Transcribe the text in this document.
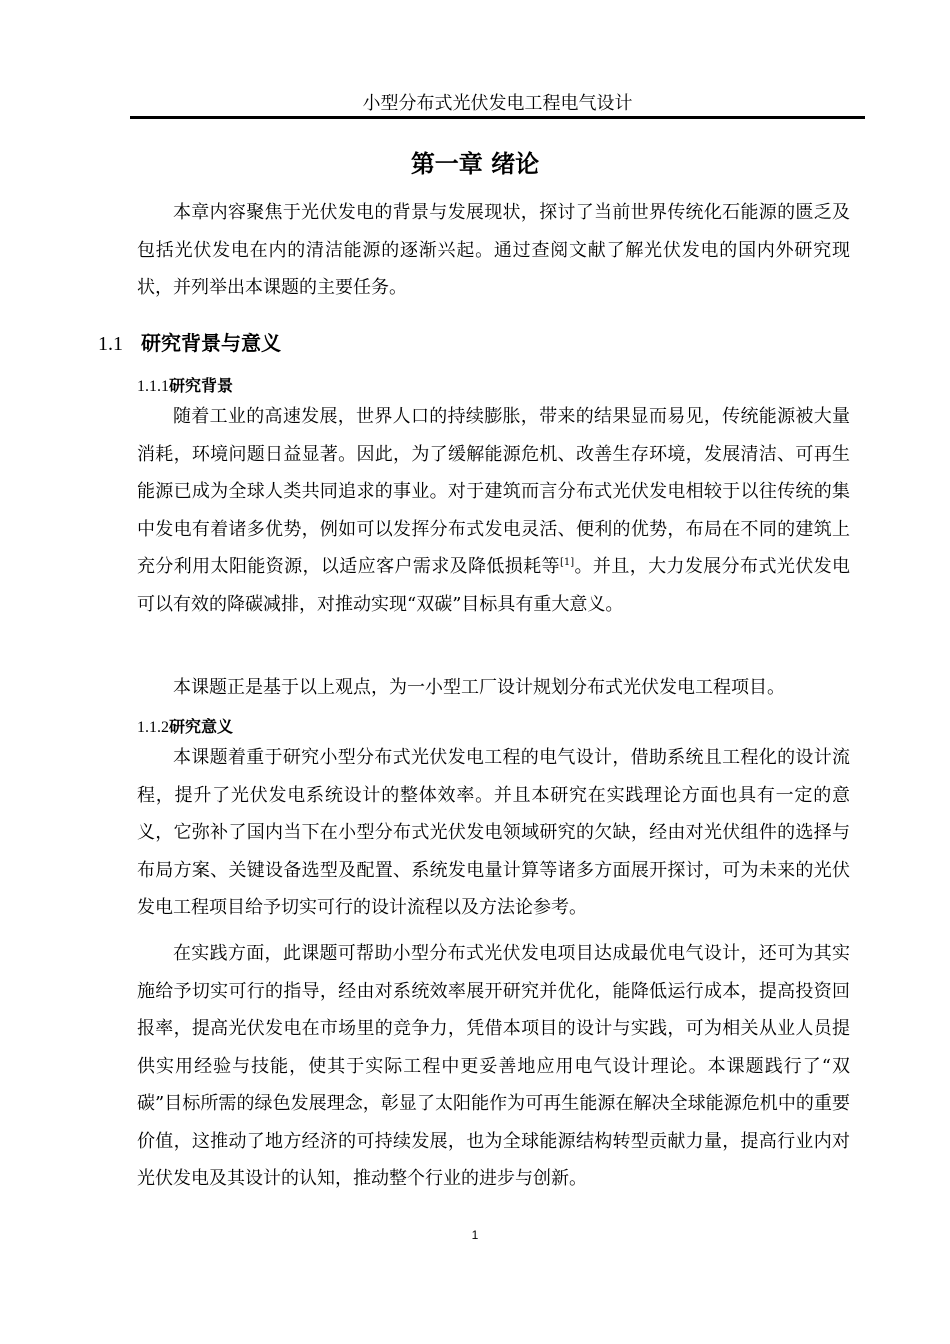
小型分布式光伏发电工程电气设计
第一章 绪论

本章内容聚焦于光伏发电的背景与发展现状，探讨了当前世界传统化石能源的匮乏及包括光伏发电在内的清洁能源的逐渐兴起。通过查阅文献了解光伏发电的国内外研究现状，并列举出本课题的主要任务。

1.1 研究背景与意义
1.1.1研究背景

随着工业的高速发展，世界人口的持续膨胀，带来的结果显而易见，传统能源被大量消耗，环境问题日益显著。因此，为了缓解能源危机、改善生存环境，发展清洁、可再生能源已成为全球人类共同追求的事业。对于建筑而言分布式光伏发电相较于以往传统的集中发电有着诸多优势，例如可以发挥分布式发电灵活、便利的优势，布局在不同的建筑上充分利用太阳能资源，以适应客户需求及降低损耗等[1]。并且，大力发展分布式光伏发电可以有效的降碳减排，对推动实现“双碳”目标具有重大意义。

本课题正是基于以上观点，为一小型工厂设计规划分布式光伏发电工程项目。

1.1.2研究意义

本课题着重于研究小型分布式光伏发电工程的电气设计，借助系统且工程化的设计流程，提升了光伏发电系统设计的整体效率。并且本研究在实践理论方面也具有一定的意义，它弥补了国内当下在小型分布式光伏发电领域研究的欠缺，经由对光伏组件的选择与布局方案、关键设备选型及配置、系统发电量计算等诸多方面展开探讨，可为未来的光伏发电工程项目给予切实可行的设计流程以及方法论参考。

在实践方面，此课题可帮助小型分布式光伏发电项目达成最优电气设计，还可为其实施给予切实可行的指导，经由对系统效率展开研究并优化，能降低运行成本，提高投资回报率，提高光伏发电在市场里的竞争力，凭借本项目的设计与实践，可为相关从业人员提供实用经验与技能，使其于实际工程中更妥善地应用电气设计理论。本课题践行了“双碳”目标所需的绿色发展理念，彰显了太阳能作为可再生能源在解决全球能源危机中的重要价值，这推动了地方经济的可持续发展，也为全球能源结构转型贡献力量，提高行业内对光伏发电及其设计的认知，推动整个行业的进步与创新。

1
